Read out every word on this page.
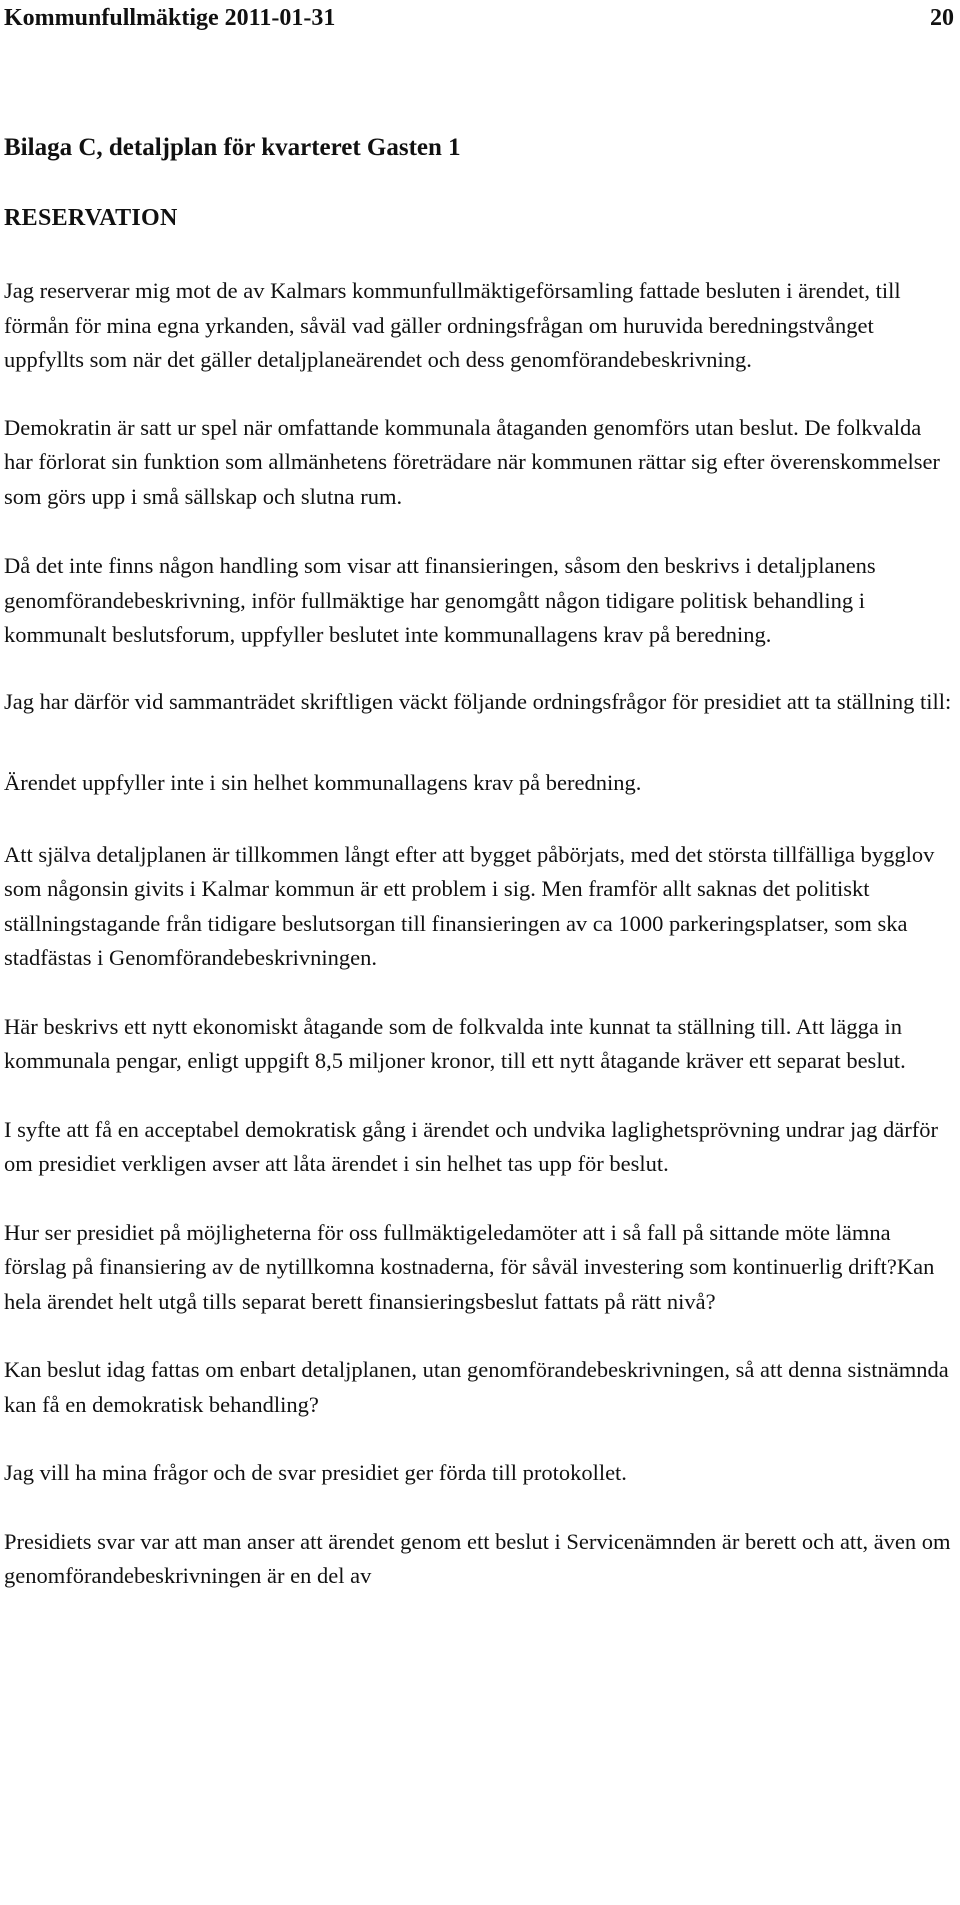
Kommunfullmäktige 2011-01-31	20
Bilaga C, detaljplan för kvarteret Gasten 1
RESERVATION

Jag reserverar mig mot de av Kalmars kommunfullmäktigeförsamling fattade besluten i ärendet, till förmån för mina egna yrkanden, såväl vad gäller ordningsfrågan om huruvida beredningstvånget uppfyllts som när det gäller detaljplaneärendet och dess genomförandebeskrivning.

Demokratin är satt ur spel när omfattande kommunala åtaganden genomförs utan beslut. De folkvalda har förlorat sin funktion som allmänhetens företrädare när kommunen rättar sig efter överenskommelser som görs upp i små sällskap och slutna rum.

Då det inte finns någon handling som visar att finansieringen, såsom den beskrivs i detaljplanens genomförandebeskrivning, inför fullmäktige har genomgått någon tidigare politisk behandling i kommunalt beslutsforum, uppfyller beslutet inte kommunallagens krav på beredning.

Jag har därför vid sammanträdet skriftligen väckt följande ordningsfrågor för presidiet att ta ställning till:

Ärendet uppfyller inte i sin helhet kommunallagens krav på beredning.

Att själva detaljplanen är tillkommen långt efter att bygget påbörjats, med det största tillfälliga bygglov som någonsin givits i Kalmar kommun är ett problem i sig. Men framför allt saknas det politiskt ställningstagande från tidigare beslutsorgan till finansieringen av ca 1000 parkeringsplatser, som ska stadfästas i Genomförandebeskrivningen.

Här beskrivs ett nytt ekonomiskt åtagande som de folkvalda inte kunnat ta ställning till. Att lägga in kommunala pengar, enligt uppgift 8,5 miljoner kronor, till ett nytt åtagande kräver ett separat beslut.

I syfte att få en acceptabel demokratisk gång i ärendet och undvika laglighetsprövning undrar jag därför om presidiet verkligen avser att låta ärendet i sin helhet tas upp för beslut.

Hur ser presidiet på möjligheterna för oss fullmäktigeledamöter att i så fall på sittande möte lämna förslag på finansiering av de nytillkomna kostnaderna, för såväl investering som kontinuerlig drift?Kan hela ärendet helt utgå tills separat berett finansieringsbeslut fattats på rätt nivå?

Kan beslut idag fattas om enbart detaljplanen, utan genomförandebeskrivningen, så att denna sistnämnda kan få en demokratisk behandling?

Jag vill ha mina frågor och de svar presidiet ger förda till protokollet.

Presidiets svar var att man anser att ärendet genom ett beslut i Servicenämnden är berett och att, även om genomförandebeskrivningen är en del av
